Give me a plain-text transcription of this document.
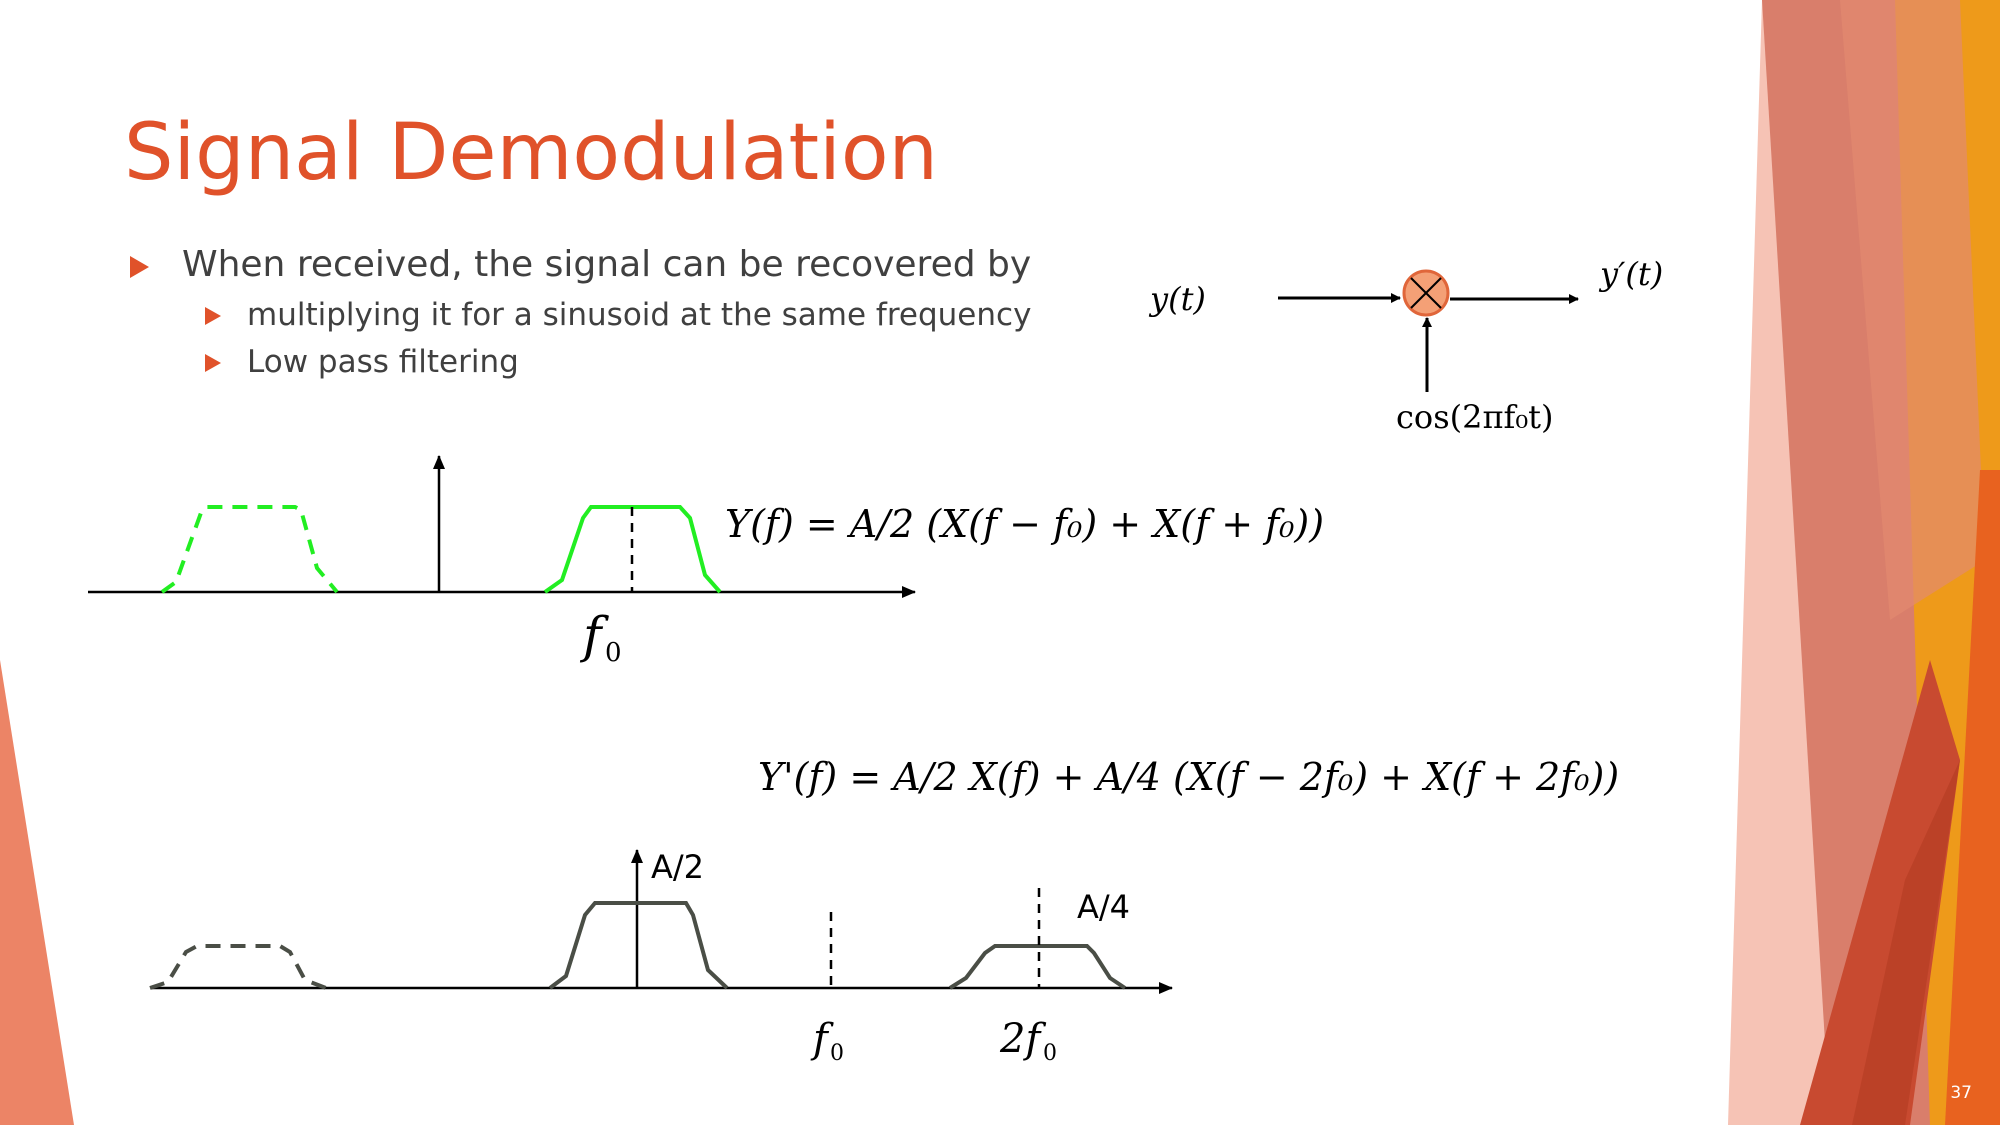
Signal Demodulation
When received, the signal can be recovered by
multiplying it for a sinusoid at the same frequency
Low pass filtering
y(t)
y′(t)
cos(2πf₀t)
Y(f) = A/2 (X(f − f₀) + X(f + f₀))
Y'(f) = A/2 X(f) + A/4 (X(f − 2f₀) + X(f + 2f₀))
f 0
A/2
A/4
f 0	2f 0
37
